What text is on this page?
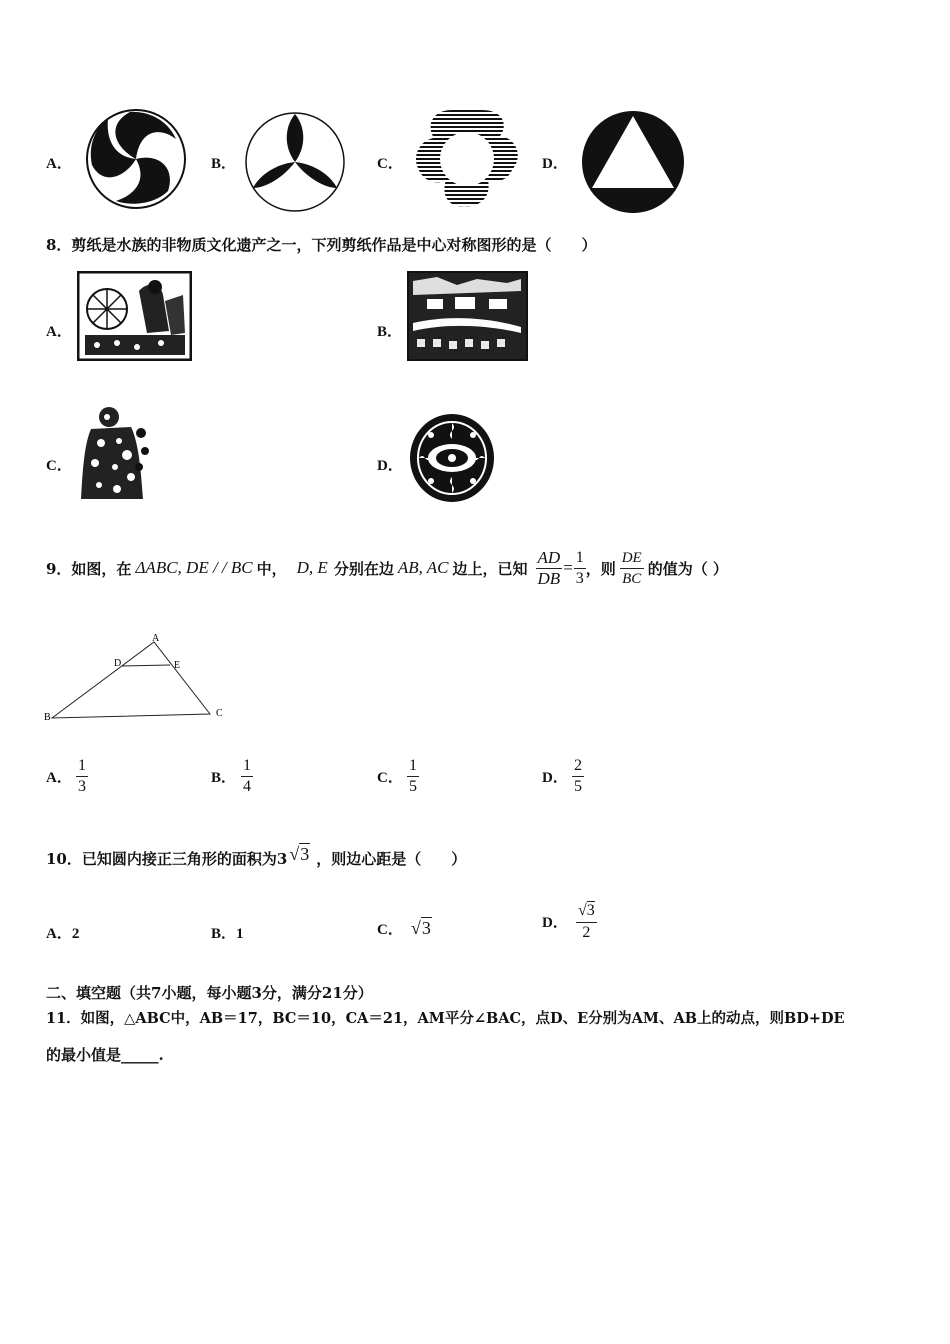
A．	B．	C．	D．
8．剪纸是水族的非物质文化遗产之一，下列剪纸作品是中心对称图形的是（　　）
A．	B．
C．	D．
9．如图，在 ΔABC, DE / / BC 中， D, E 分别在边 AB, AC 边上，已知 $\frac{AD}{DB} = \frac{1}{3}$ ，则 $\frac{DE}{BC}$ 的值为（ ）
A
B	C
D	E
A． $\frac{1}{3}$	B． $\frac{1}{4}$	C． $\frac{1}{5}$	D． $\frac{2}{5}$
10．已知圆内接正三角形的面积为3 √3 ，则边心距是（　　）
A．2	B．1	C． √3	D． $\frac{√3}{2}$
二、填空题（共7小题，每小题3分，满分21分）
11．如图，△ABC中，AB＝17，BC＝10，CA＝21，AM平分∠BAC，点D、E分别为AM、AB上的动点，则BD+DE
的最小值是_____.
